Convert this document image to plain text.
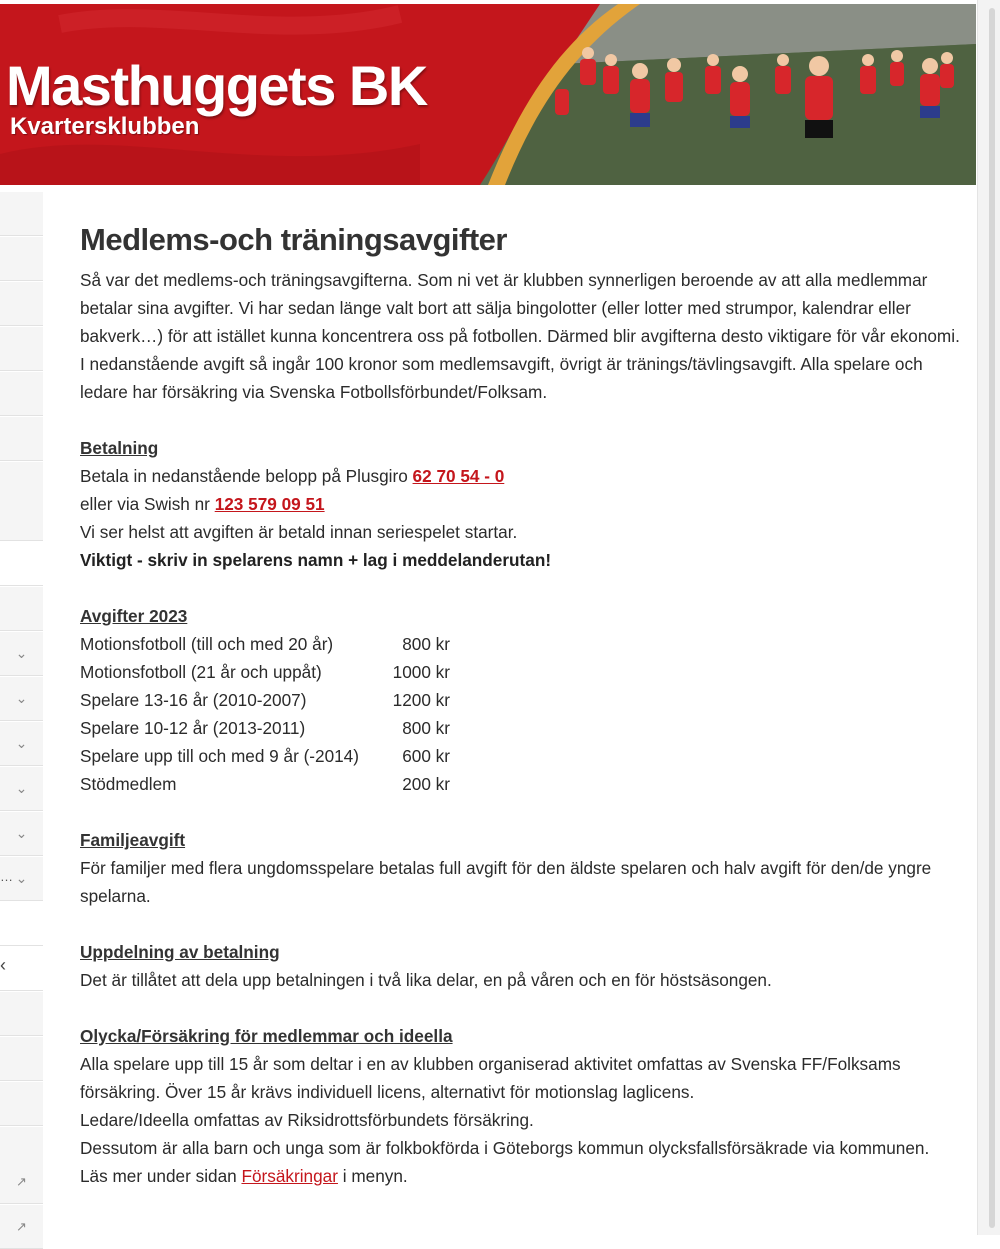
Masthuggets BK

Kvartersklubben

⌄
⌄
⌄
⌄
⌄
… ⌄
‹
↗
↗
Medlems-och träningsavgifter

Så var det medlems-och träningsavgifterna. Som ni vet är klubben synnerligen beroende av att alla medlemmar betalar sina avgifter. Vi har sedan länge valt bort att sälja bingolotter (eller lotter med strumpor, kalendrar eller bakverk…) för att istället kunna koncentrera oss på fotbollen. Därmed blir avgifterna desto viktigare för vår ekonomi. I nedanstående avgift så ingår 100 kronor som medlemsavgift, övrigt är tränings/tävlingsavgift. Alla spelare och ledare har försäkring via Svenska Fotbollsförbundet/Folksam.

Betalning

Betala in nedanstående belopp på Plusgiro 62 70 54 - 0

eller via Swish nr 123 579 09 51

Vi ser helst att avgiften är betald innan seriespelet startar.

Viktigt - skriv in spelarens namn + lag i meddelanderutan!

Avgifter 2023
Motionsfotboll (till och med 20 år)	800 kr
Motionsfotboll (21 år och uppåt)	1000 kr
Spelare 13-16 år (2010-2007)	1200 kr
Spelare 10-12 år (2013-2011)	800 kr
Spelare upp till och med 9 år (-2014)	600 kr
Stödmedlem	200 kr
Familjeavgift

För familjer med flera ungdomsspelare betalas full avgift för den äldste spelaren och halv avgift för den/de yngre spelarna.

Uppdelning av betalning

Det är tillåtet att dela upp betalningen i två lika delar, en på våren och en för höstsäsongen.

Olycka/Försäkring för medlemmar och ideella

Alla spelare upp till 15 år som deltar i en av klubben organiserad aktivitet omfattas av Svenska FF/Folksams försäkring. Över 15 år krävs individuell licens, alternativt för motionslag laglicens.

Ledare/Ideella omfattas av Riksidrottsförbundets försäkring.

Dessutom är alla barn och unga som är folkbokförda i Göteborgs kommun olycksfallsförsäkrade via kommunen.

Läs mer under sidan Försäkringar i menyn.
